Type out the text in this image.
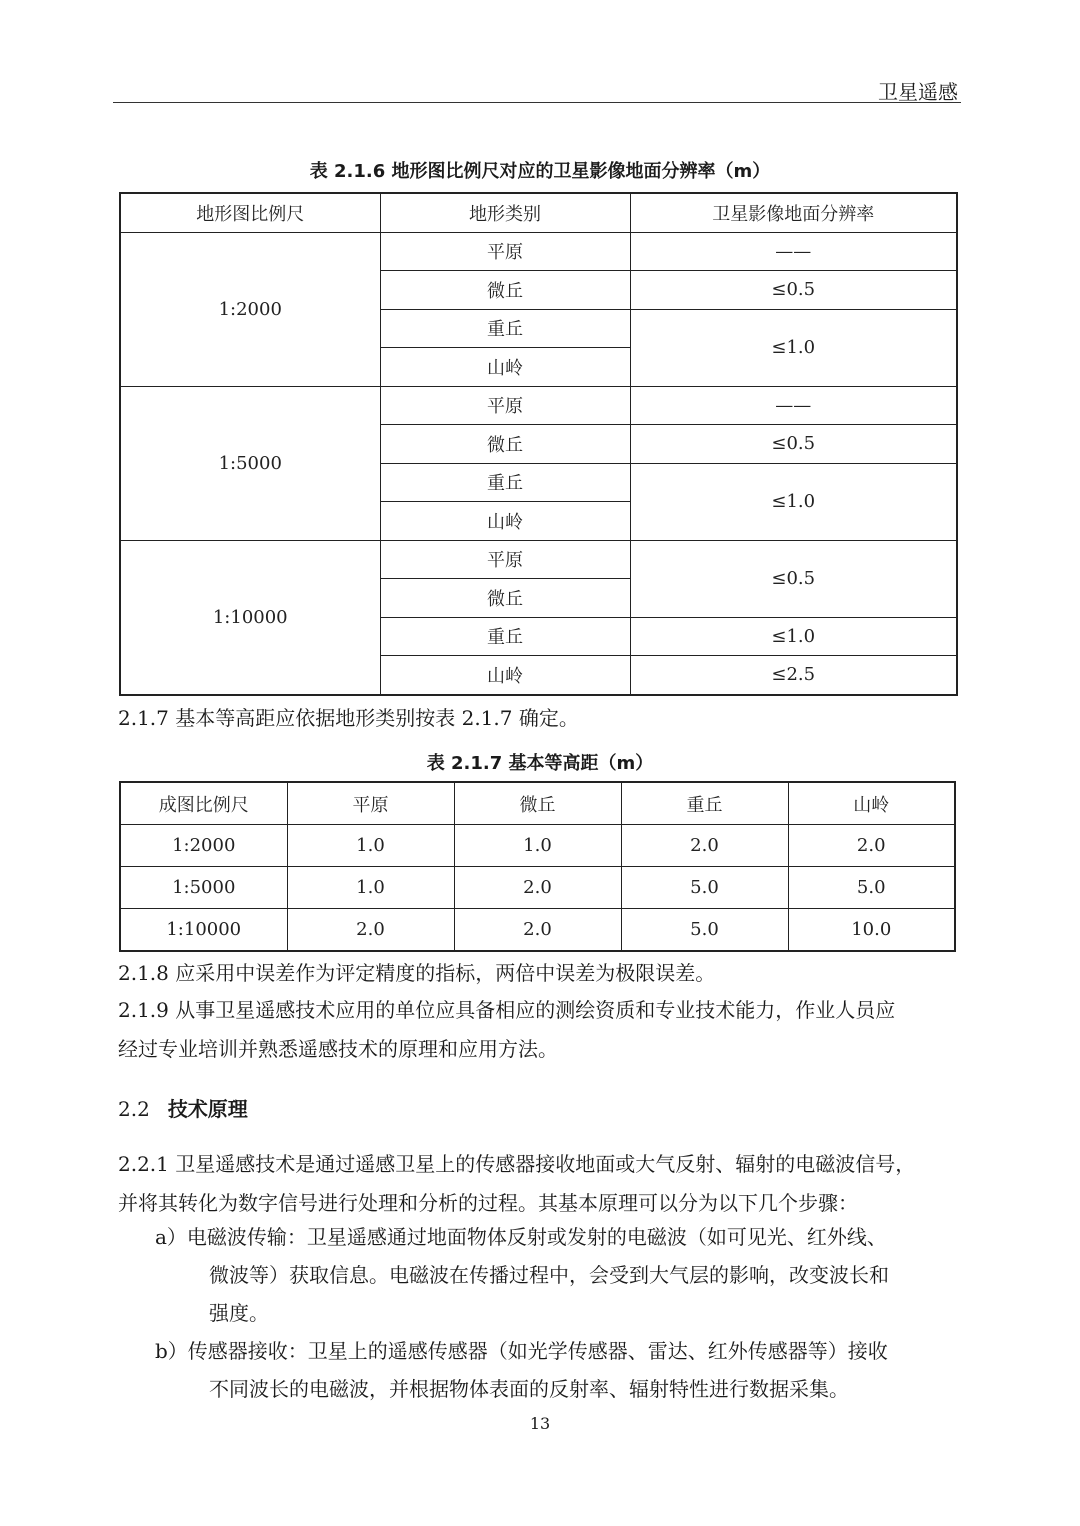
卫星遥感
表 2.1.6 地形图比例尺对应的卫星影像地面分辨率（m）
地形图比例尺	地形类别	卫星影像地面分辨率
1:2000	平原	——
	微丘	≤0.5
	重丘	≤1.0
	山岭	
1:5000	平原	——
	微丘	≤0.5
	重丘	≤1.0
	山岭	
1:10000	平原	≤0.5
	微丘	
	重丘	≤1.0
	山岭	≤2.5
2.1.7 基本等高距应依据地形类别按表 2.1.7 确定。
表 2.1.7 基本等高距（m）
成图比例尺	平原	微丘	重丘	山岭
1:2000	1.0	1.0	2.0	2.0
1:5000	1.0	2.0	5.0	5.0
1:10000	2.0	2.0	5.0	10.0
2.1.8 应采用中误差作为评定精度的指标，两倍中误差为极限误差。
2.1.9 从事卫星遥感技术应用的单位应具备相应的测绘资质和专业技术能力，作业人员应
经过专业培训并熟悉遥感技术的原理和应用方法。
2.2 技术原理
2.2.1 卫星遥感技术是通过遥感卫星上的传感器接收地面或大气反射、辐射的电磁波信号，
并将其转化为数字信号进行处理和分析的过程。其基本原理可以分为以下几个步骤：
a）电磁波传输：卫星遥感通过地面物体反射或发射的电磁波（如可见光、红外线、
微波等）获取信息。电磁波在传播过程中，会受到大气层的影响，改变波长和
强度。
b）传感器接收：卫星上的遥感传感器（如光学传感器、雷达、红外传感器等）接收
不同波长的电磁波，并根据物体表面的反射率、辐射特性进行数据采集。
13
